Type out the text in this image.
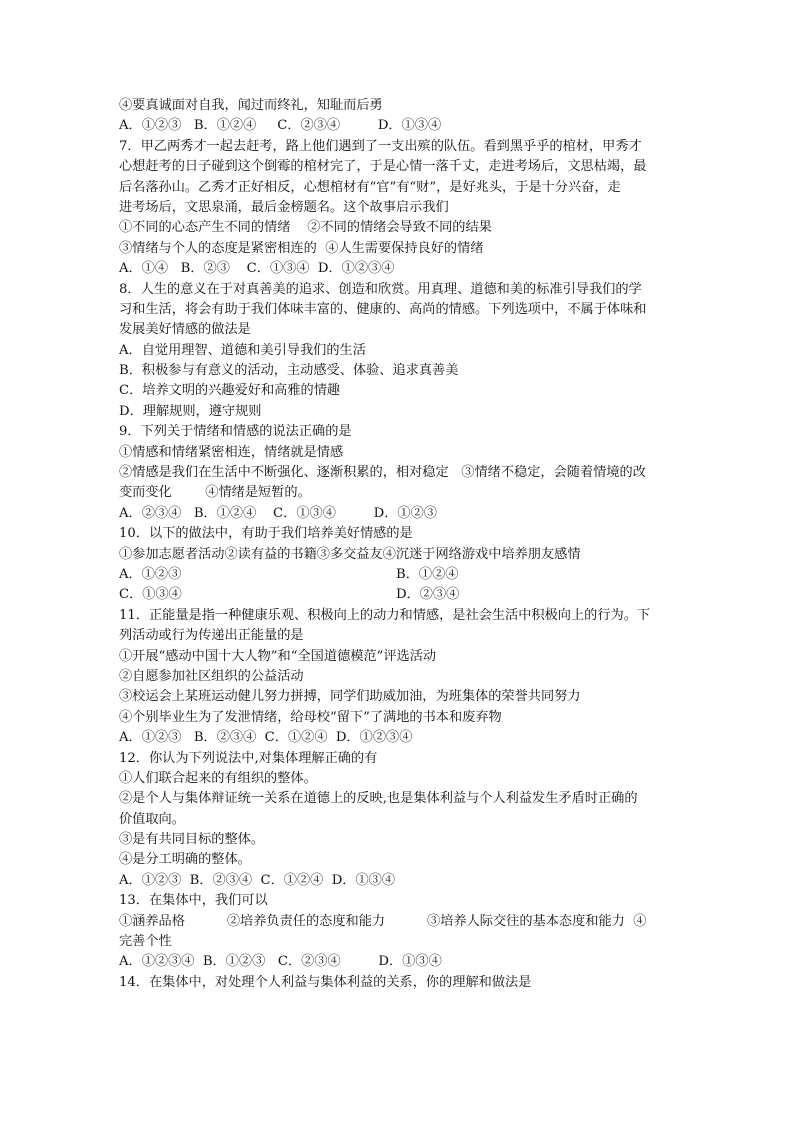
④要真诚面对自我，闻过而终礼，知耻而后勇
A．①②③   B．①②④     C．②③④         D．①③④
7．甲乙两秀才一起去赶考，路上他们遇到了一支出殡的队伍。看到黑乎乎的棺材，甲秀才
心想赶考的日子碰到这个倒霉的棺材完了，于是心情一落千丈，走进考场后，文思枯竭，最
后名落孙山。乙秀才正好相反，心想棺材有“官”有“财”，是好兆头，于是十分兴奋，走
进考场后，文思泉涌，最后金榜题名。这个故事启示我们
①不同的心态产生不同的情绪    ②不同的情绪会导致不同的结果
③情绪与个人的态度是紧密相连的  ④人生需要保持良好的情绪
A．①④   B．②③    C．①③④  D．①②③④
8．人生的意义在于对真善美的追求、创造和欣赏。用真理、道德和美的标准引导我们的学
习和生活，将会有助于我们体味丰富的、健康的、高尚的情感。下列选项中，不属于体味和
发展美好情感的做法是
A．自觉用理智、道德和美引导我们的生活
B．积极参与有意义的活动，主动感受、体验、追求真善美
C．培养文明的兴趣爱好和高雅的情趣
D．理解规则，遵守规则
9．下列关于情绪和情感的说法正确的是
①情感和情绪紧密相连，情绪就是情感
②情感是我们在生活中不断强化、逐渐积累的，相对稳定   ③情绪不稳定，会随着情境的改
变而变化        ④情绪是短暂的。
A．②③④   B．①②④    C．①③④         D．①②③
10．以下的做法中，有助于我们培养美好情感的是
①参加志愿者活动②读有益的书籍③多交益友④沉迷于网络游戏中培养朋友感情
A．①②③	B．①②④
C．①③④	D．②③④
11．正能量是指一种健康乐观、积极向上的动力和情感，是社会生活中积极向上的行为。下
列活动或行为传递出正能量的是
①开展“感动中国十大人物”和“全国道德模范”评选活动
②自愿参加社区组织的公益活动
③校运会上某班运动健儿努力拼搏，同学们助威加油，为班集体的荣誉共同努力
④个别毕业生为了发泄情绪，给母校“留下”了满地的书本和废弃物
A．①②③   B．②③④  C．①②④  D．①②③④
12．你认为下列说法中,对集体理解正确的有
①人们联合起来的有组织的整体。
②是个人与集体辩证统一关系在道德上的反映,也是集体利益与个人利益发生矛盾时正确的
价值取向。
③是有共同目标的整体。
④是分工明确的整体。
A．①②③  B．②③④  C．①②④  D．①③④
13．在集体中，我们可以
①涵养品格          ②培养负责任的态度和能力          ③培养人际交往的基本态度和能力  ④
完善个性
A．①②③④  B．①②③   C．②③④         D．①③④
14．在集体中，对处理个人利益与集体利益的关系，你的理解和做法是
